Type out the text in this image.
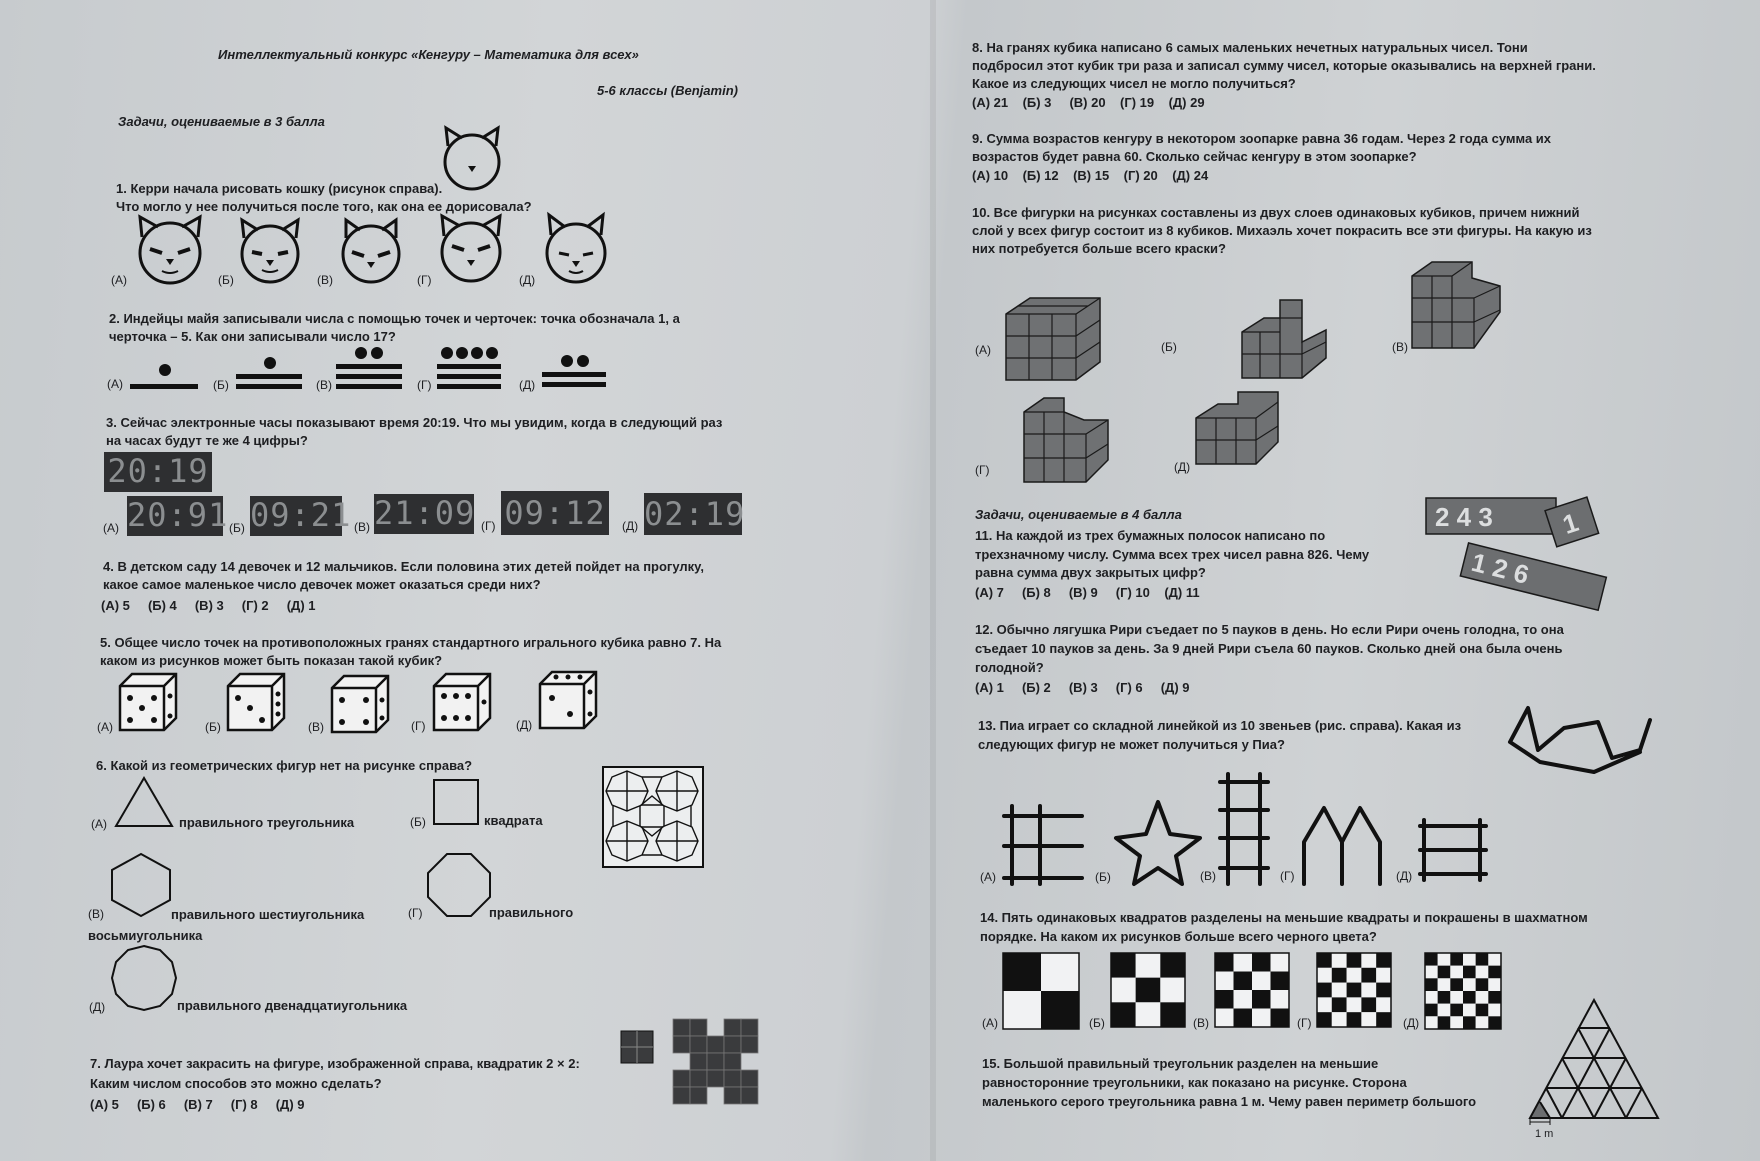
Интеллектуальный конкурс «Кенгуру – Математика для всех»
5-6 классы (Benjamin)
Задачи, оцениваемые в 3 балла
1. Керри начала рисовать кошку (рисунок справа).
Что могло у нее получиться после того, как она ее дорисовала?
(А)	(Б)	(В)	(Г)	(Д)
2. Индейцы майя записывали числа с помощью точек и черточек: точка обозначала 1, а
черточка – 5. Как они записывали число 17?
(А)	(Б)	(В)	(Г)	(Д)
3. Сейчас электронные часы показывают время 20:19. Что мы увидим, когда в следующий раз
на часах будут те же 4 цифры?
20:19
20:91 09:21 21:09 09:12 02:19
(А)	(Б)	(В)	(Г)	(Д)
4. В детском саду 14 девочек и 12 мальчиков. Если половина этих детей пойдет на прогулку,
какое самое маленькое число девочек может оказаться среди них?
(А) 5     (Б) 4     (В) 3     (Г) 2     (Д) 1
5. Общее число точек на противоположных гранях стандартного игрального кубика равно 7. На
каком из рисунков может быть показан такой кубик?
(А)	(Б)	(В)	(Г)	(Д)
6. Какой из геометрических фигур нет на рисунке справа?
(А)	правильного треугольника	(Б)	квадрата
(В)	правильного шестиугольника	(Г)	правильного
восьмиугольника
(Д)	правильного двенадцатиугольника
7. Лаура хочет закрасить на фигуре, изображенной справа, квадратик 2 × 2:
Каким числом способов это можно сделать?
(А) 5     (Б) 6     (В) 7     (Г) 8     (Д) 9
8. На гранях кубика написано 6 самых маленьких нечетных натуральных чисел. Тони
подбросил этот кубик три раза и записал сумму чисел, которые оказывались на верхней грани.
Какое из следующих чисел не могло получиться?
(А) 21    (Б) 3     (В) 20    (Г) 19    (Д) 29
9. Сумма возрастов кенгуру в некотором зоопарке равна 36 годам. Через 2 года сумма их
возрастов будет равна 60. Сколько сейчас кенгуру в этом зоопарке?
(А) 10    (Б) 12    (В) 15    (Г) 20    (Д) 24
10. Все фигурки на рисунках составлены из двух слоев одинаковых кубиков, причем нижний
слой у всех фигур состоит из 8 кубиков. Михаэль хочет покрасить все эти фигуры. На какую из
них потребуется больше всего краски?
(А)	(Б)	(В)
(Г)	(Д)
Задачи, оцениваемые в 4 балла
11. На каждой из трех бумажных полосок написано по
трехзначному числу. Сумма всех трех чисел равна 826. Чему
равна сумма двух закрытых цифр?
(А) 7     (Б) 8     (В) 9     (Г) 10    (Д) 11
1 2 6
2 4 3	1
12. Обычно лягушка Рири съедает по 5 пауков в день. Но если Рири очень голодна, то она
съедает 10 пауков за день. За 9 дней Рири съела 60 пауков. Сколько дней она была очень
голодной?
(А) 1     (Б) 2     (В) 3     (Г) 6     (Д) 9
13. Пиа играет со складной линейкой из 10 звеньев (рис. справа). Какая из
следующих фигур не может получиться у Пиа?
(А)	(Б)	(В)	(Г)	(Д)
14. Пять одинаковых квадратов разделены на меньшие квадраты и покрашены в шахматном
порядке. На каком их рисунков больше всего черного цвета?
(А)	(Б)	(В)	(Г)	(Д)
15. Большой правильный треугольник разделен на меньшие
равносторонние треугольники, как показано на рисунке. Сторона
маленького серого треугольника равна 1 м. Чему равен периметр большого
1 m
